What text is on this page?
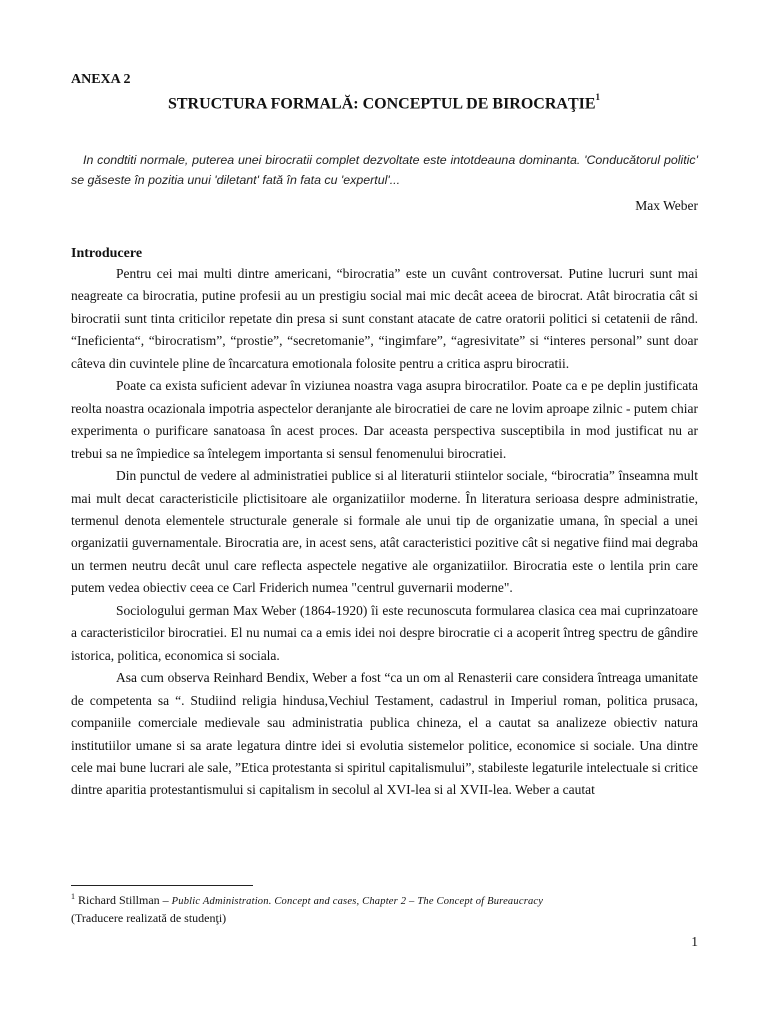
ANEXA 2
STRUCTURA FORMALĂ: CONCEPTUL DE BIROCRAŢIE$^1$
In condtiti normale, puterea unei birocratii complet dezvoltate este intotdeauna dominanta. 'Conducătorul politic' se găseste în pozitia unui 'diletant' fată în fata cu 'expertul'...
Max Weber
Introducere

Pentru cei mai multi dintre americani, “birocratia” este un cuvânt controversat. Putine lucruri sunt mai neagreate ca birocratia, putine profesii au un prestigiu social mai mic decât aceea de birocrat. Atât birocratia cât si birocratii sunt tinta criticilor repetate din presa si sunt constant atacate de catre oratorii politici si cetatenii de rând. “Ineficienta“, “birocratism”, “prostie”, “secretomanie”, “ingimfare”, “agresivitate” si “interes personal” sunt doar câteva din cuvintele pline de încarcatura emotionala folosite pentru a critica aspru birocratii.

Poate ca exista suficient adevar în viziunea noastra vaga asupra birocratilor. Poate ca e pe deplin justificata reolta noastra ocazionala impotria aspectelor deranjante ale birocratiei de care ne lovim aproape zilnic - putem chiar experimenta o purificare sanatoasa în acest proces. Dar aceasta perspectiva susceptibila in mod justificat nu ar trebui sa ne împiedice sa întelegem importanta si sensul fenomenului birocratiei.

Din punctul de vedere al administratiei publice si al literaturii stiintelor sociale, “birocratia” înseamna mult mai mult decat caracteristicile plictisitoare ale organizatiilor moderne. În literatura serioasa despre administratie, termenul denota elementele structurale generale si formale ale unui tip de organizatie umana, în special a unei organizatii guvernamentale. Birocratia are, in acest sens, atât caracteristici pozitive cât si negative fiind mai degraba un termen neutru decât unul care reflecta aspectele negative ale organizatiilor. Birocratia este o lentila prin care putem vedea obiectiv ceea ce Carl Friderich numea "centrul guvernarii moderne".

Sociologului german Max Weber (1864-1920) îi este recunoscuta formularea clasica cea mai cuprinzatoare a caracteristicilor birocratiei. El nu numai ca a emis idei noi despre birocratie ci a acoperit întreg spectru de gândire istorica, politica, economica si sociala.

Asa cum observa Reinhard Bendix, Weber a fost “ca un om al Renasterii care considera întreaga umanitate de competenta sa “. Studiind religia hindusa,Vechiul Testament, cadastrul in Imperiul roman, politica prusaca, companiile comerciale medievale sau administratia publica chineza, el a cautat sa analizeze obiectiv natura institutiilor umane si sa arate legatura dintre idei si evolutia sistemelor politice, economice si sociale. Una dintre cele mai bune lucrari ale sale, ”Etica protestanta si spiritul capitalismului”, stabileste legaturile intelectuale si critice dintre aparitia protestantismului si capitalism in secolul al XVI-lea si al XVII-lea. Weber a cautat

$^1$ Richard Stillman – Public Administration. Concept and cases, Chapter 2 – The Concept of Bureaucracy
(Traducere realizată de studenţi)
1
